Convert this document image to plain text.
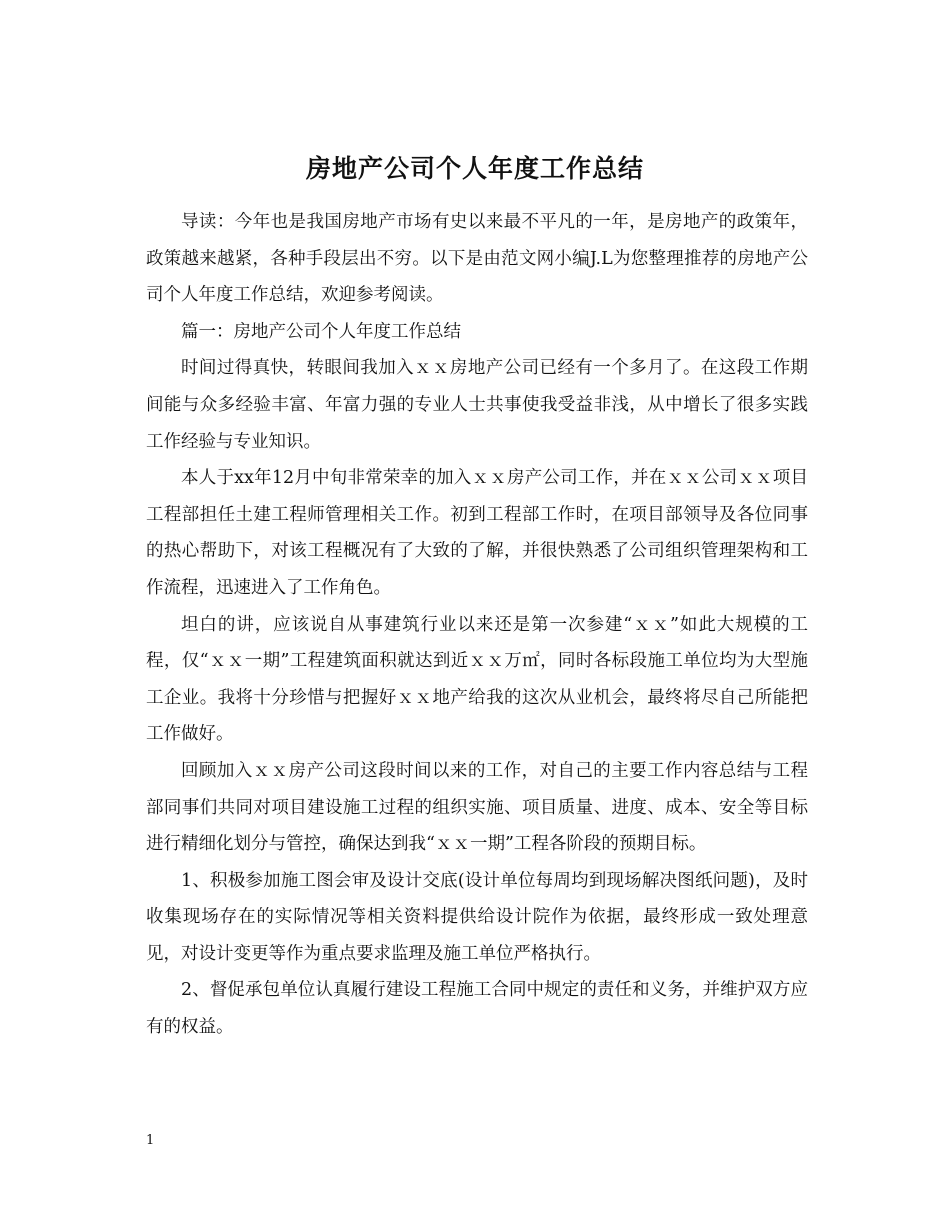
房地产公司个人年度工作总结

导读：今年也是我国房地产市场有史以来最不平凡的一年，是房地产的政策年，政策越来越紧，各种手段层出不穷。以下是由范文网小编J.L为您整理推荐的房地产公司个人年度工作总结，欢迎参考阅读。

篇一：房地产公司个人年度工作总结

时间过得真快，转眼间我加入ｘｘ房地产公司已经有一个多月了。在这段工作期间能与众多经验丰富、年富力强的专业人士共事使我受益非浅，从中增长了很多实践工作经验与专业知识。

本人于xx年12月中旬非常荣幸的加入ｘｘ房产公司工作，并在ｘｘ公司ｘｘ项目工程部担任土建工程师管理相关工作。初到工程部工作时，在项目部领导及各位同事的热心帮助下，对该工程概况有了大致的了解，并很快熟悉了公司组织管理架构和工作流程，迅速进入了工作角色。

坦白的讲，应该说自从事建筑行业以来还是第一次参建“ｘｘ”如此大规模的工程，仅“ｘｘ一期”工程建筑面积就达到近ｘｘ万㎡，同时各标段施工单位均为大型施工企业。我将十分珍惜与把握好ｘｘ地产给我的这次从业机会，最终将尽自己所能把工作做好。

回顾加入ｘｘ房产公司这段时间以来的工作，对自己的主要工作内容总结与工程部同事们共同对项目建设施工过程的组织实施、项目质量、进度、成本、安全等目标进行精细化划分与管控，确保达到我“ｘｘ一期”工程各阶段的预期目标。

1、积极参加施工图会审及设计交底(设计单位每周均到现场解决图纸问题)，及时收集现场存在的实际情况等相关资料提供给设计院作为依据，最终形成一致处理意见，对设计变更等作为重点要求监理及施工单位严格执行。

2、督促承包单位认真履行建设工程施工合同中规定的责任和义务，并维护双方应有的权益。

1
